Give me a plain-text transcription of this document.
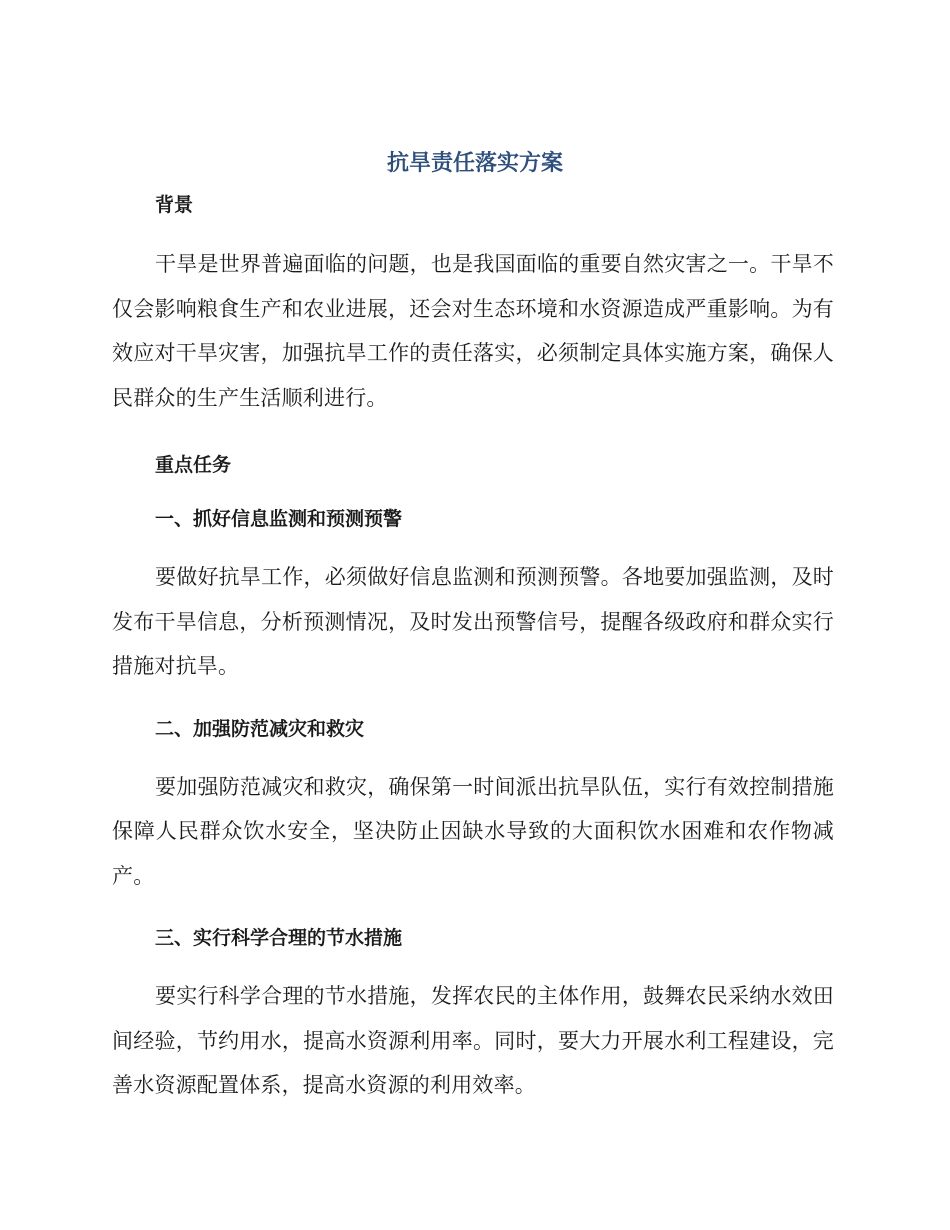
抗旱责任落实方案
背景

干旱是世界普遍面临的问题，也是我国面临的重要自然灾害之一。干旱不仅会影响粮食生产和农业进展，还会对生态环境和水资源造成严重影响。为有效应对干旱灾害，加强抗旱工作的责任落实，必须制定具体实施方案，确保人民群众的生产生活顺利进行。

重点任务
一、抓好信息监测和预测预警

要做好抗旱工作，必须做好信息监测和预测预警。各地要加强监测，及时发布干旱信息，分析预测情况，及时发出预警信号，提醒各级政府和群众实行措施对抗旱。

二、加强防范减灾和救灾

要加强防范减灾和救灾，确保第一时间派出抗旱队伍，实行有效控制措施保障人民群众饮水安全，坚决防止因缺水导致的大面积饮水困难和农作物减产。

三、实行科学合理的节水措施

要实行科学合理的节水措施，发挥农民的主体作用，鼓舞农民采纳水效田间经验，节约用水，提高水资源利用率。同时，要大力开展水利工程建设，完善水资源配置体系，提高水资源的利用效率。
